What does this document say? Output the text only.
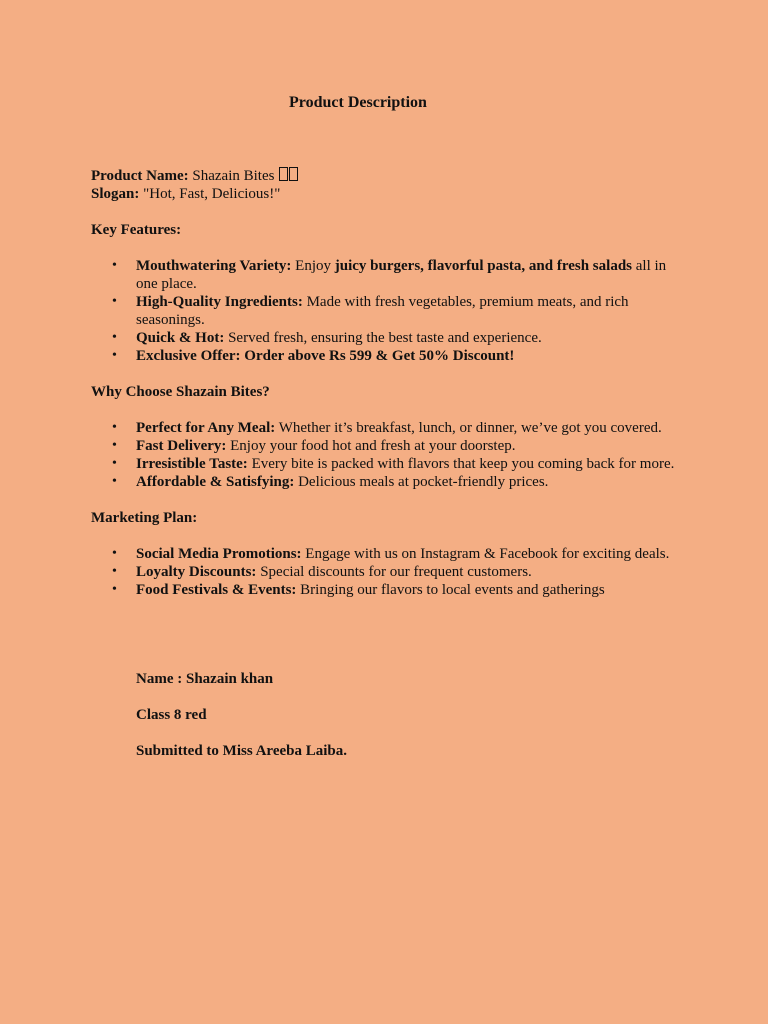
Product Description

Product Name: Shazain Bites

Slogan: "Hot, Fast, Delicious!"

Key Features:

• Mouthwatering Variety: Enjoy juicy burgers, flavorful pasta, and fresh salads all in one place.
• High-Quality Ingredients: Made with fresh vegetables, premium meats, and rich seasonings.
• Quick & Hot: Served fresh, ensuring the best taste and experience.
• Exclusive Offer: Order above Rs 599 & Get 50% Discount!

Why Choose Shazain Bites?

• Perfect for Any Meal: Whether it’s breakfast, lunch, or dinner, we’ve got you covered.
• Fast Delivery: Enjoy your food hot and fresh at your doorstep.
• Irresistible Taste: Every bite is packed with flavors that keep you coming back for more.
• Affordable & Satisfying: Delicious meals at pocket-friendly prices.

Marketing Plan:

• Social Media Promotions: Engage with us on Instagram & Facebook for exciting deals.
• Loyalty Discounts: Special discounts for our frequent customers.
• Food Festivals & Events: Bringing our flavors to local events and gatherings

Name : Shazain khan

Class 8 red

Submitted to Miss Areeba Laiba.
